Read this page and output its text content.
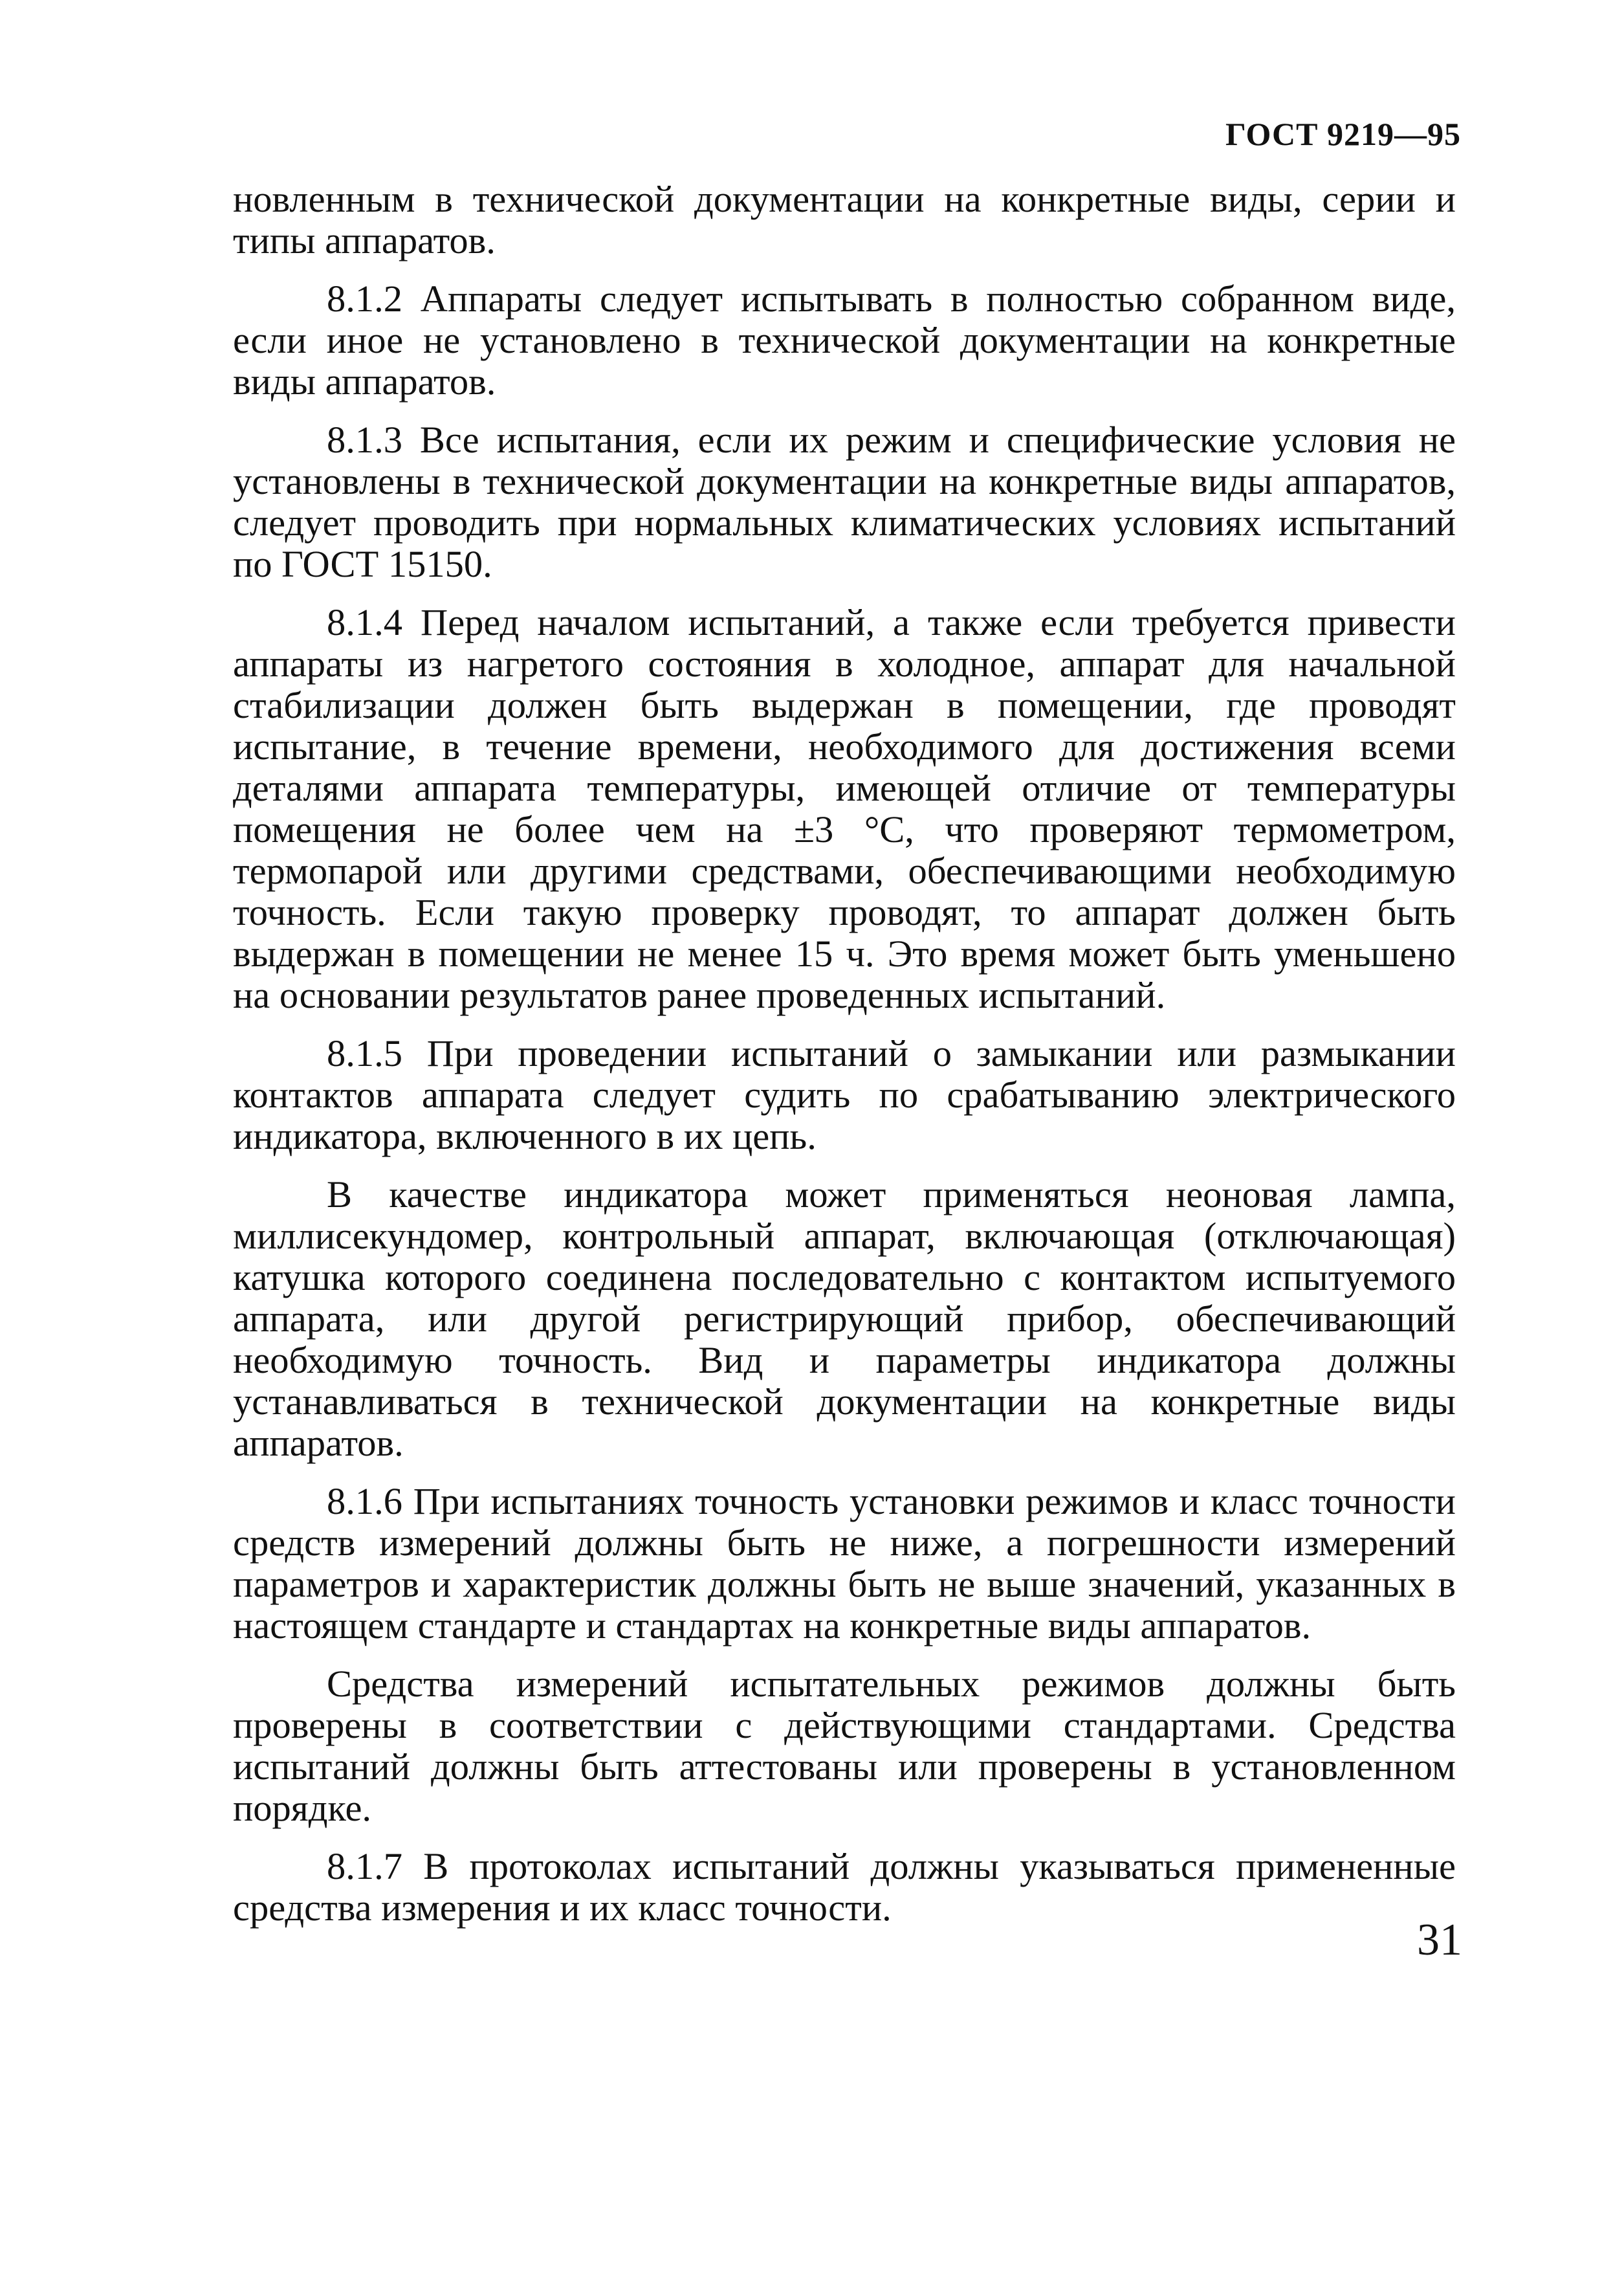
ГОСТ 9219—95

новленным в технической документации на конкретные виды, серии и типы аппаратов.

8.1.2 Аппараты следует испытывать в полностью собранном виде, если иное не установлено в технической документации на конкретные виды аппаратов.

8.1.3 Все испытания, если их режим и специфические условия не установлены в технической документации на конкретные виды аппаратов, следует проводить при нормальных климатических условиях испытаний по ГОСТ 15150.

8.1.4 Перед началом испытаний, а также если требуется привести аппараты из нагретого состояния в холодное, аппарат для начальной стабилизации должен быть выдержан в помещении, где проводят испытание, в течение времени, необходимого для достижения всеми деталями аппарата температуры, имеющей отличие от температуры помещения не более чем на ±3 °С, что проверяют термометром, термопарой или другими средствами, обеспечивающими необходимую точность. Если такую проверку проводят, то аппарат должен быть выдержан в помещении не менее 15 ч. Это время может быть уменьшено на основании результатов ранее проведенных испытаний.

8.1.5 При проведении испытаний о замыкании или размыкании контактов аппарата следует судить по срабатыванию электрического индикатора, включенного в их цепь.

В качестве индикатора может применяться неоновая лампа, миллисекундомер, контрольный аппарат, включающая (отключающая) катушка которого соединена последовательно с контактом испытуемого аппарата, или другой регистрирующий прибор, обеспечивающий необходимую точность. Вид и параметры индикатора должны устанавливаться в технической документации на конкретные виды аппаратов.

8.1.6 При испытаниях точность установки режимов и класс точности средств измерений должны быть не ниже, а погрешности измерений параметров и характеристик должны быть не выше значений, указанных в настоящем стандарте и стандартах на конкретные виды аппаратов.

Средства измерений испытательных режимов должны быть проверены в соответствии с действующими стандартами. Средства испытаний должны быть аттестованы или проверены в установленном порядке.

8.1.7 В протоколах испытаний должны указываться примененные средства измерения и их класс точности.

31
